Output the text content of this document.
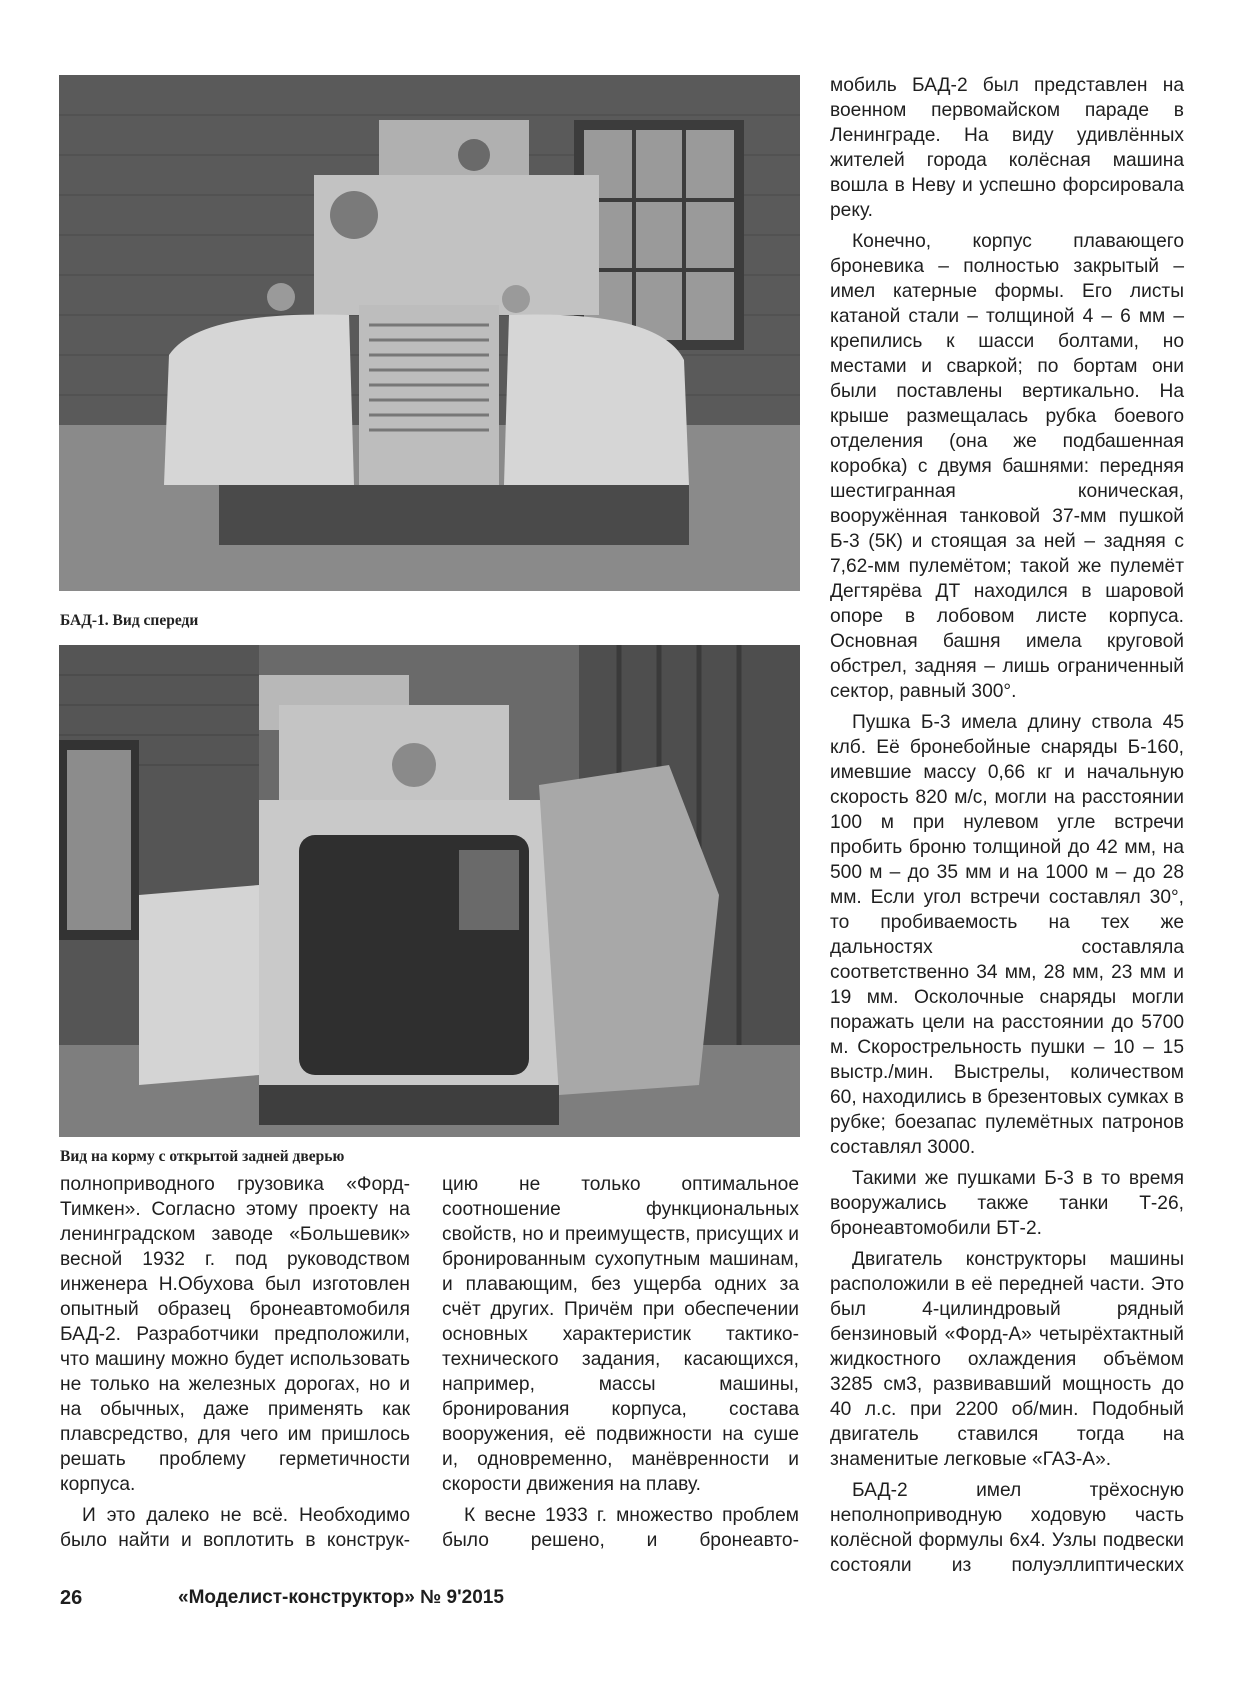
БАД-1. Вид спереди
Вид на корму с открытой задней дверью

мобиль БАД-2 был представлен на военном первомайском параде в Ленинграде. На виду удивлённых жителей города колёсная машина вошла в Неву и успешно форсировала реку.

Конечно, корпус плавающего броневика – полностью закрытый – имел катерные формы. Его листы катаной стали – толщиной 4 – 6 мм – крепились к шасси болтами, но местами и сваркой; по бортам они были поставлены вертикально. На крыше размещалась рубка боевого отделения (она же подбашенная коробка) с двумя башнями: передняя шестигранная коническая, вооружённая танковой 37-мм пушкой Б-3 (5К) и стоящая за ней – задняя с 7,62-мм пулемётом; такой же пулемёт Дегтярёва ДТ находился в шаровой опоре в лобовом листе корпуса. Основная башня имела круговой обстрел, задняя – лишь ограниченный сектор, равный 300°.

Пушка Б-3 имела длину ствола 45 клб. Её бронебойные снаряды Б-160, имевшие массу 0,66 кг и начальную скорость 820 м/с, могли на расстоянии 100 м при нулевом угле встречи пробить броню толщиной до 42 мм, на 500 м – до 35 мм и на 1000 м – до 28 мм. Если угол встречи составлял 30°, то пробиваемость на тех же дальностях составляла соответственно 34 мм, 28 мм, 23 мм и 19 мм. Осколочные снаряды могли поражать цели на расстоянии до 5700 м. Скорострельность пушки – 10 – 15 выстр./мин. Выстрелы, количеством 60, находились в брезентовых сумках в рубке; боезапас пулемётных патронов составлял 3000.

Такими же пушками Б-3 в то время вооружались также танки Т-26, бронеавтомобили БТ-2.

Двигатель конструкторы машины расположили в её передней части. Это был 4-цилиндровый рядный бензиновый «Форд-А» четырёхтактный жидкостного охлаждения объёмом 3285 см3, развивавший мощность до 40 л.с. при 2200 об/мин. Подобный двигатель ставился тогда на знаменитые легковые «ГАЗ-А».

БАД-2 имел трёхосную неполноприводную ходовую часть колёсной формулы 6х4. Узлы подвески состояли из полуэллиптических

полноприводного грузовика «Форд-Тимкен». Согласно этому проекту на ленинградском заводе «Большевик» весной 1932 г. под руководством инженера Н.Обухова был изготовлен опытный образец бронеавтомобиля БАД-2. Разработчики предположили, что машину можно будет использовать не только на железных дорогах, но и на обычных, даже применять как плавсредство, для чего им пришлось решать проблему герметичности корпуса.

И это далеко не всё. Необходимо было найти и воплотить в конструк-

цию не только оптимальное соотношение функциональных свойств, но и преимуществ, присущих и бронированным сухопутным машинам, и плавающим, без ущерба одних за счёт других. Причём при обеспечении основных характеристик тактико-технического задания, касающихся, например, массы машины, бронирования корпуса, состава вооружения, её подвижности на суше и, одновременно, манёвренности и скорости движения на плаву.

К весне 1933 г. множество проблем было решено, и бронеавто-

26	«Моделист-конструктор» № 9'2015
